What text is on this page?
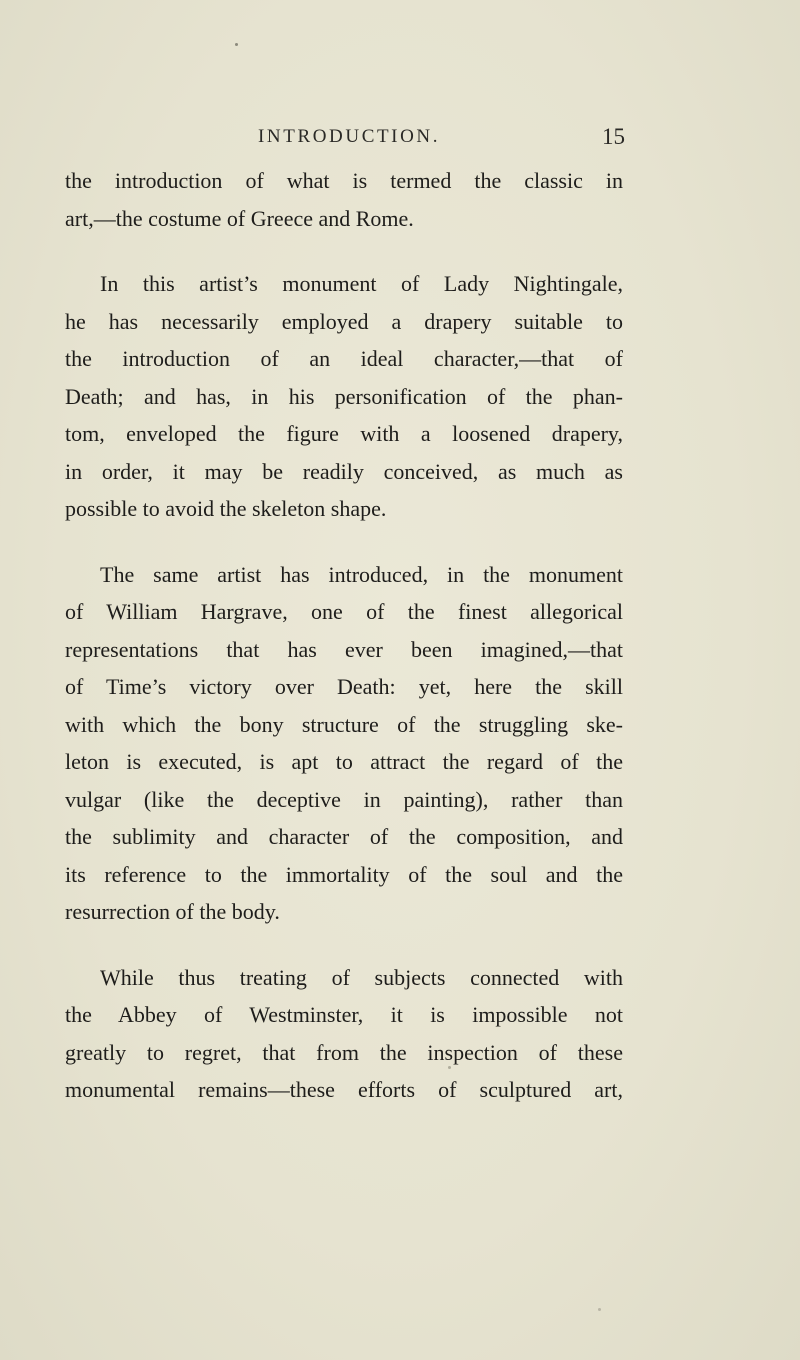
INTRODUCTION.	15
the introduction of what is termed the classic in
art,—the costume of Greece and Rome.
In this artist’s monument of Lady Nightingale,
he has necessarily employed a drapery suitable to
the introduction of an ideal character,—that of
Death; and has, in his personification of the phan-
tom, enveloped the figure with a loosened drapery,
in order, it may be readily conceived, as much as
possible to avoid the skeleton shape.
The same artist has introduced, in the monument
of William Hargrave, one of the finest allegorical
representations that has ever been imagined,—that
of Time’s victory over Death: yet, here the skill
with which the bony structure of the struggling ske-
leton is executed, is apt to attract the regard of the
vulgar (like the deceptive in painting), rather than
the sublimity and character of the composition, and
its reference to the immortality of the soul and the
resurrection of the body.
While thus treating of subjects connected with
the Abbey of Westminster, it is impossible not
greatly to regret, that from the inspection of these
monumental remains—these efforts of sculptured art,
